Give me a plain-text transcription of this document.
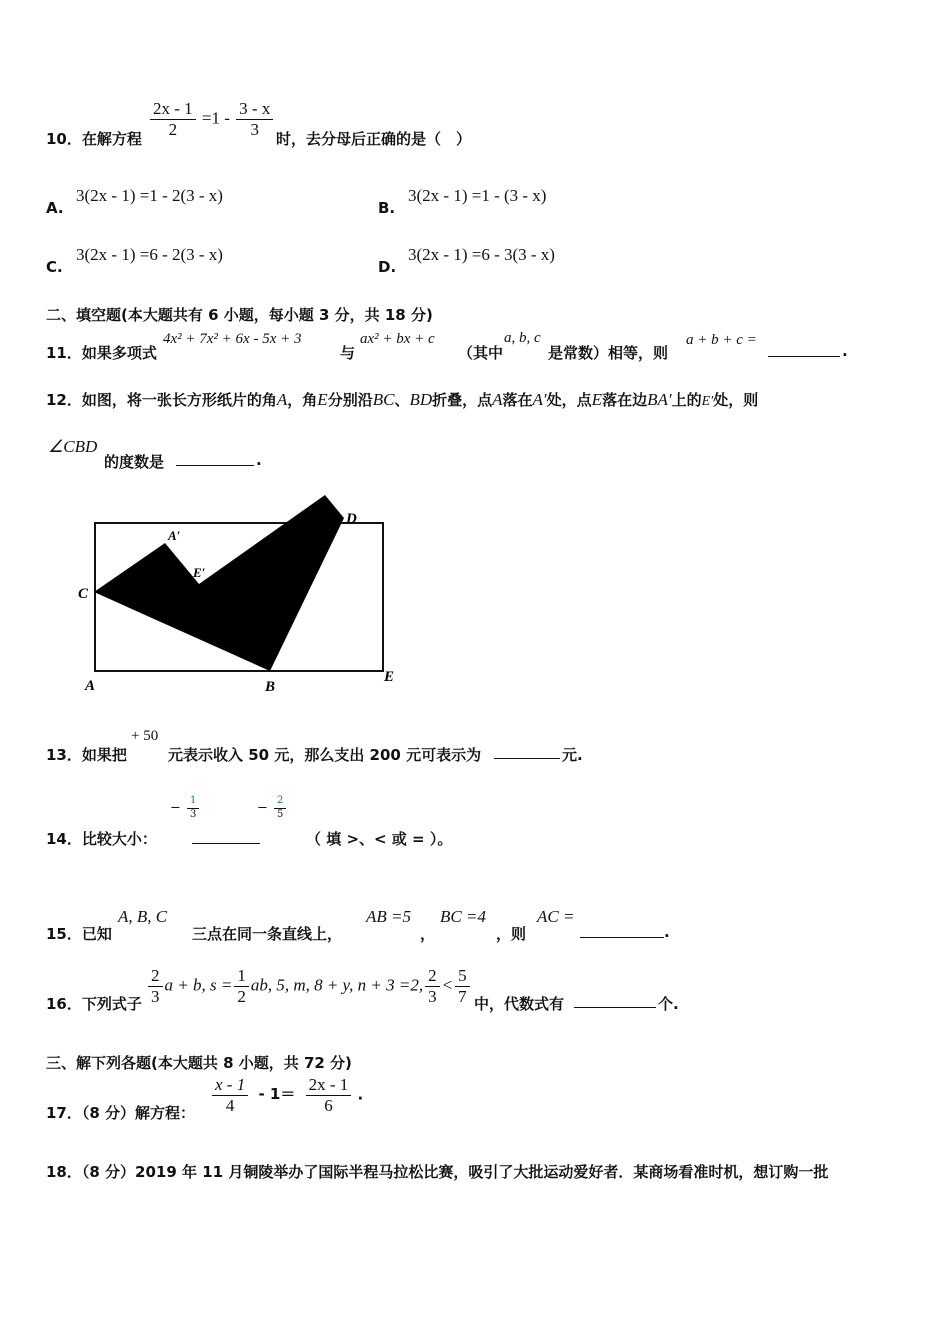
10．在解方程
$\frac{2x - 1}{2} =1 - \frac{3 - x}{3}$
时，去分母后正确的是（　）
A.
3(2x - 1) =1 - 2(3 - x)
B.
3(2x - 1) =1 - (3 - x)
C.
3(2x - 1) =6 - 2(3 - x)
D.
3(2x - 1) =6 - 3(3 - x)
二、填空题(本大题共有 6 小题，每小题 3 分，共 18 分)
11．如果多项式
4x² + 7x² + 6x - 5x + 3
与
ax² + bx + c
（其中
a, b, c
是常数）相等，则
a + b + c =
.
12．如图，将一张长方形纸片的角A，角E分别沿BC、BD折叠，点A落在A′处，点E落在边BA′上的E′处，则
∠CBD
的度数是	.
C
A	B
D
E
A′
E′
13．如果把
+ 50
元表示收入 50 元，那么支出 200 元可表示为	元.
14．比较大小：
− $\frac{1}{3}$	− $\frac{2}{5}$
（ 填 >、< 或 = ）。
15．已知
A, B, C
三点在同一条直线上，
AB =5
，
BC =4
，则
AC =
.
16．下列式子 $\frac{2}{3}$ a + b, $s = \frac{1}{2}$ ab, 5, m, 8 + y, n + 3 =2, $\frac{2}{3} < \frac{5}{7}$ 中，代数式有	个.
三、解下列各题(本大题共 8 小题，共 72 分)
17．（8 分）解方程： $\frac{x - 1}{4} - 1= \frac{2x - 1}{6}$ .
18．（8 分）2019 年 11 月铜陵举办了国际半程马拉松比赛，吸引了大批运动爱好者．某商场看准时机，想订购一批
